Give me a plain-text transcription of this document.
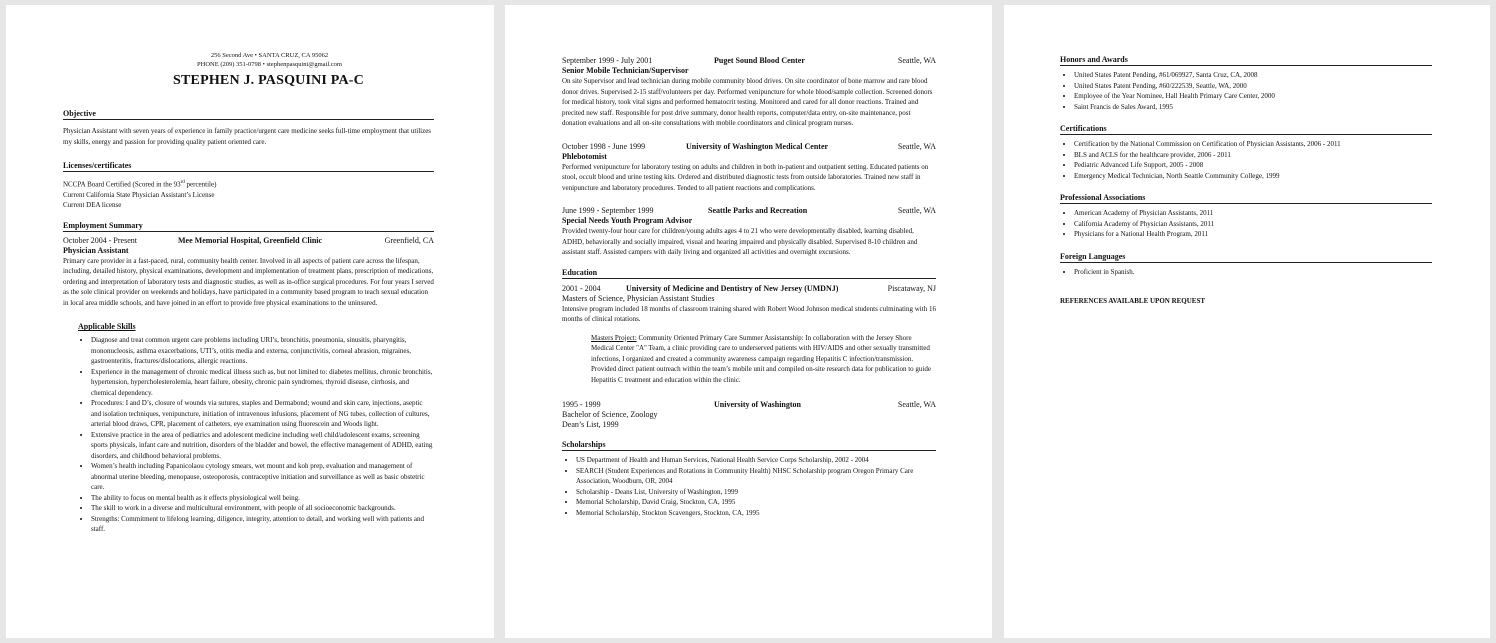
256 Second Ave • SANTA CRUZ, CA 95062
PHONE (209) 351-0798 • stephenpasquini@gmail.com
STEPHEN J. PASQUINI PA-C
Objective
Physician Assistant with seven years of experience in family practice/urgent care medicine seeks full-time employment that utilizes my skills, energy and passion for providing quality patient oriented care.
Licenses/certificates
NCCPA Board Certified (Scored in the 93rd percentile)
Current California State Physician Assistant’s License
Current DEA license
Employment Summary
October 2004 - Present	Mee Memorial Hospital, Greenfield Clinic	Greenfield, CA
Physician Assistant
Primary care provider in a fast-paced, rural, community health center. Involved in all aspects of patient care across the lifespan, including, detailed history, physical examinations, development and implementation of treatment plans, prescription of medications, ordering and interpretation of laboratory tests and diagnostic studies, as well as in-office surgical procedures. For four years I served as the sole clinical provider on weekends and holidays, have participated in a community based program to teach sexual education in local area middle schools, and have joined in an effort to provide free physical examinations to the uninsured.
Applicable Skills
• Diagnose and treat common urgent care problems including URI’s, bronchitis, pneumonia, sinusitis, pharyngitis, mononucleosis, asthma exacerbations, UTI’s, otitis media and externa, conjunctivitis, corneal abrasion, migraines, gastroenteritis, fractures/dislocations, allergic reactions.
• Experience in the management of chronic medical illness such as, but not limited to: diabetes mellitus, chronic bronchitis, hypertension, hypercholesterolemia, heart failure, obesity, chronic pain syndromes, thyroid disease, cirrhosis, and chemical dependency.
• Procedures: I and D’s, closure of wounds via sutures, staples and Dermabond; wound and skin care, injections, aseptic and isolation techniques, venipuncture, initiation of intravenous infusions, placement of NG tubes, collection of cultures, arterial blood draws, CPR, placement of catheters, eye examination using fluorescein and Woods light.
• Extensive practice in the area of pediatrics and adolescent medicine including well child/adolescent exams, screening sports physicals, infant care and nutrition, disorders of the bladder and bowel, the effective management of ADHD, eating disorders, and childhood behavioral problems.
• Women’s health including Papanicolaou cytology smears, wet mount and koh prep, evaluation and management of abnormal uterine bleeding, menopause, osteoporosis, contraceptive initiation and surveillance as well as basic obstetric care.
• The ability to focus on mental health as it effects physiological well being.
• The skill to work in a diverse and multicultural environment, with people of all socioeconomic backgrounds.
• Strengths: Commitment to lifelong learning, diligence, integrity, attention to detail, and working well with patients and staff.
September 1999 - July 2001	Puget Sound Blood Center	Seattle, WA
Senior Mobile Technician/Supervisor
On site Supervisor and lead technician during mobile community blood drives. On site coordinator of bone marrow and rare blood donor drives. Supervised 2-15 staff/volunteers per day. Performed venipuncture for whole blood/sample collection. Screened donors for medical history, took vital signs and performed hematocrit testing. Monitored and cared for all donor reactions. Trained and precited new staff. Responsible for post drive summary, donor health reports, computer/data entry, on-site maintenance, post donation evaluations and all on-site consultations with mobile coordinators and clinical program nurses.
October 1998 - June 1999	University of Washington Medical Center	Seattle, WA
Phlebotomist
Performed venipuncture for laboratory testing on adults and children in both in-patient and outpatient setting. Educated patients on stool, occult blood and urine testing kits. Ordered and distributed diagnostic tests from outside laboratories. Trained new staff in venipuncture and laboratory procedures. Tended to all patient reactions and complications.
June 1999 - September 1999	Seattle Parks and Recreation	Seattle, WA
Special Needs Youth Program Advisor
Provided twenty-four hour care for children/young adults ages 4 to 21 who were developmentally disabled, learning disabled, ADHD, behaviorally and socially impaired, visual and hearing impaired and physically disabled. Supervised 8-10 children and assistant staff. Assisted campers with daily living and organized all activities and overnight excursions.
Education
2001 - 2004	University of Medicine and Dentistry of New Jersey (UMDNJ)	Piscataway, NJ
Masters of Science, Physician Assistant Studies
Intensive program included 18 months of classroom training shared with Robert Wood Johnson medical students culminating with 16 months of clinical rotations.
Masters Project: Community Oriented Primary Care Summer Assistantship: In collaboration with the Jersey Shore Medical Center "A" Team, a clinic providing care to underserved patients with HIV/AIDS and other sexually transmitted infections, I organized and created a community awareness campaign regarding Hepatitis C infection/transmission. Provided direct patient outreach within the team’s mobile unit and compiled on-site research data for publication to guide Hepatitis C treatment and education within the clinic.
1995 - 1999	University of Washington	Seattle, WA
Bachelor of Science, Zoology
Dean’s List, 1999
Scholarships
• US Department of Health and Human Services, National Health Service Corps Scholarship, 2002 - 2004
• SEARCH (Student Experiences and Rotations in Community Health) NHSC Scholarship program Oregon Primary Care Association, Woodburn, OR, 2004
• Scholarship - Deans List, University of Washington, 1999
• Memorial Scholarship, David Craig, Stockton, CA, 1995
• Memorial Scholarship, Stockton Scavengers, Stockton, CA, 1995
Honors and Awards
• United States Patent Pending, #61/069927, Santa Cruz, CA, 2008
• United States Patent Pending, #60/222539, Seattle, WA, 2000
• Employee of the Year Nominee, Hall Health Primary Care Center, 2000
• Saint Francis de Sales Award, 1995
Certifications
• Certification by the National Commission on Certification of Physician Assistants, 2006 - 2011
• BLS and ACLS for the healthcare provider, 2006 - 2011
• Pediatric Advanced Life Support, 2005 - 2008
• Emergency Medical Technician, North Seattle Community College, 1999
Professional Associations
• American Academy of Physician Assistants, 2011
• California Academy of Physician Assistants, 2011
• Physicians for a National Health Program, 2011
Foreign Languages
• Proficient in Spanish.
REFERENCES AVAILABLE UPON REQUEST
